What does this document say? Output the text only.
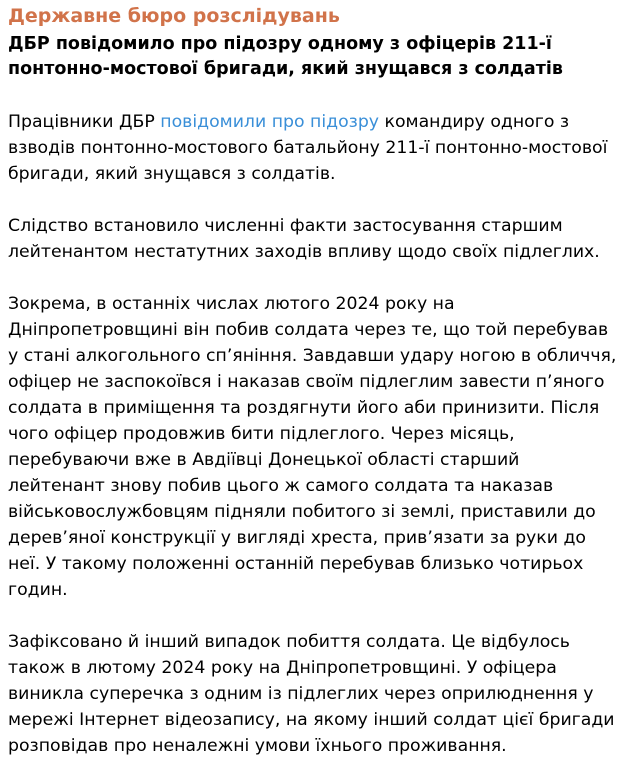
Державне бюро розслідувань
ДБР повідомило про підозру одному з офіцерів 211-ї понтонно-мостової бригади, який знущався з солдатів
Працівники ДБР повідомили про підозру командиру одного з взводів понтонно-мостового батальйону 211-ї понтонно-мостової бригади, який знущався з солдатів.
Слідство встановило численні факти застосування старшим лейтенантом нестатутних заходів впливу щодо своїх підлеглих.
Зокрема, в останніх числах лютого 2024 року на Дніпропетровщині він побив солдата через те, що той перебував у стані алкогольного сп’яніння. Завдавши удару ногою в обличчя, офіцер не заспокоївся і наказав своїм підлеглим завести п’яного солдата в приміщення та роздягнути його аби принизити. Після чого офіцер продовжив бити підлеглого. Через місяць, перебуваючи вже в Авдіївці Донецької області старший лейтенант знову побив цього ж самого солдата та наказав військовослужбовцям підняли побитого зі землі, приставили до дерев’яної конструкції у вигляді хреста, прив’язати за руки до неї. У такому положенні останній перебував близько чотирьох годин.
Зафіксовано й інший випадок побиття солдата. Це відбулось також в лютому 2024 року на Дніпропетровщині. У офіцера виникла суперечка з одним із підлеглих через оприлюднення у мережі Інтернет відеозапису, на якому інший солдат цієї бригади розповідав про неналежні умови їхнього проживання.
